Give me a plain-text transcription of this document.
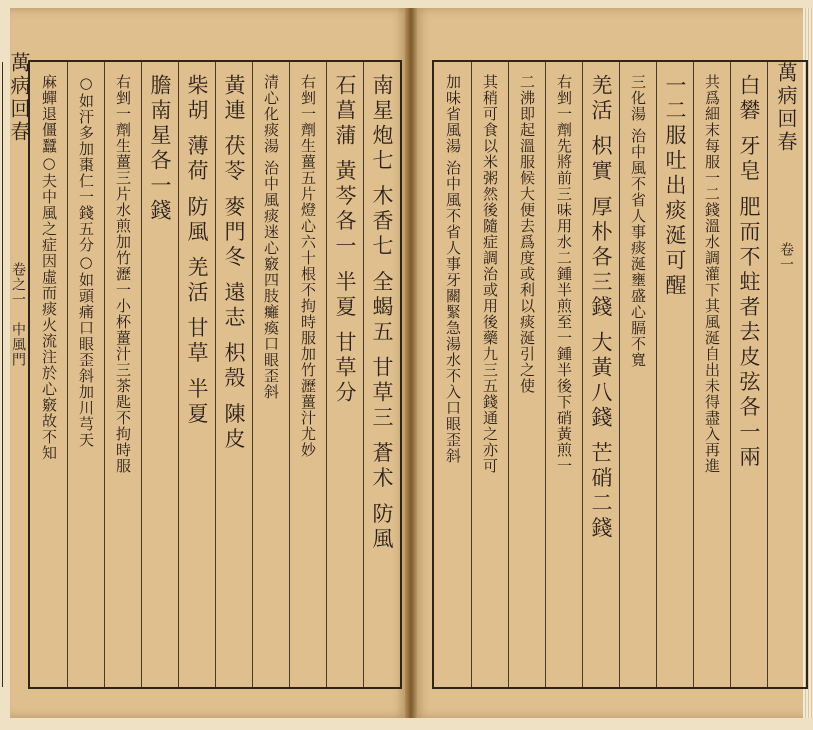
萬病回春
卷之一
中風門	南星炮七 木香七 全蝎五 甘草三 蒼术 防風
石菖蒲 黃芩各一 半夏 甘草分
右剉一劑生薑五片燈心六十根不拘時服加竹瀝薑汁尤妙
清心化痰湯 治中風痰迷心竅四肢癱瘓口眼歪斜
黃連 茯苓 麥門冬 遠志 枳殼 陳皮
柴胡 薄荷 防風 羌活 甘草 半夏
膽南星各一錢
右剉一劑生薑三片水煎加竹瀝一小杯薑汁三茶匙不拘時服
○如汗多加棗仁一錢五分○如頭痛口眼歪斜加川芎天
麻蟬退僵蠶○夫中風之症因虛而痰火流注於心竅故不知	萬病回春
卷一
白礬 牙皂 肥而不蛀者去皮弦各一兩
共爲細末每服一二錢溫水調灌下其風涎自出未得盡入再進
一二服吐出痰涎可醒
三化湯 治中風不省人事痰涎壅盛心膈不寬
羌活 枳實 厚朴各三錢 大黃八錢 芒硝二錢
右剉一劑先將前三味用水二鍾半煎至一鍾半後下硝黃煎一
二沸即起溫服候大便去爲度或利以痰涎引之使
其稍可食以米粥然後隨症調治或用後藥九三五錢通之亦可
加味省風湯 治中風不省人事牙關緊急湯水不入口眼歪斜
